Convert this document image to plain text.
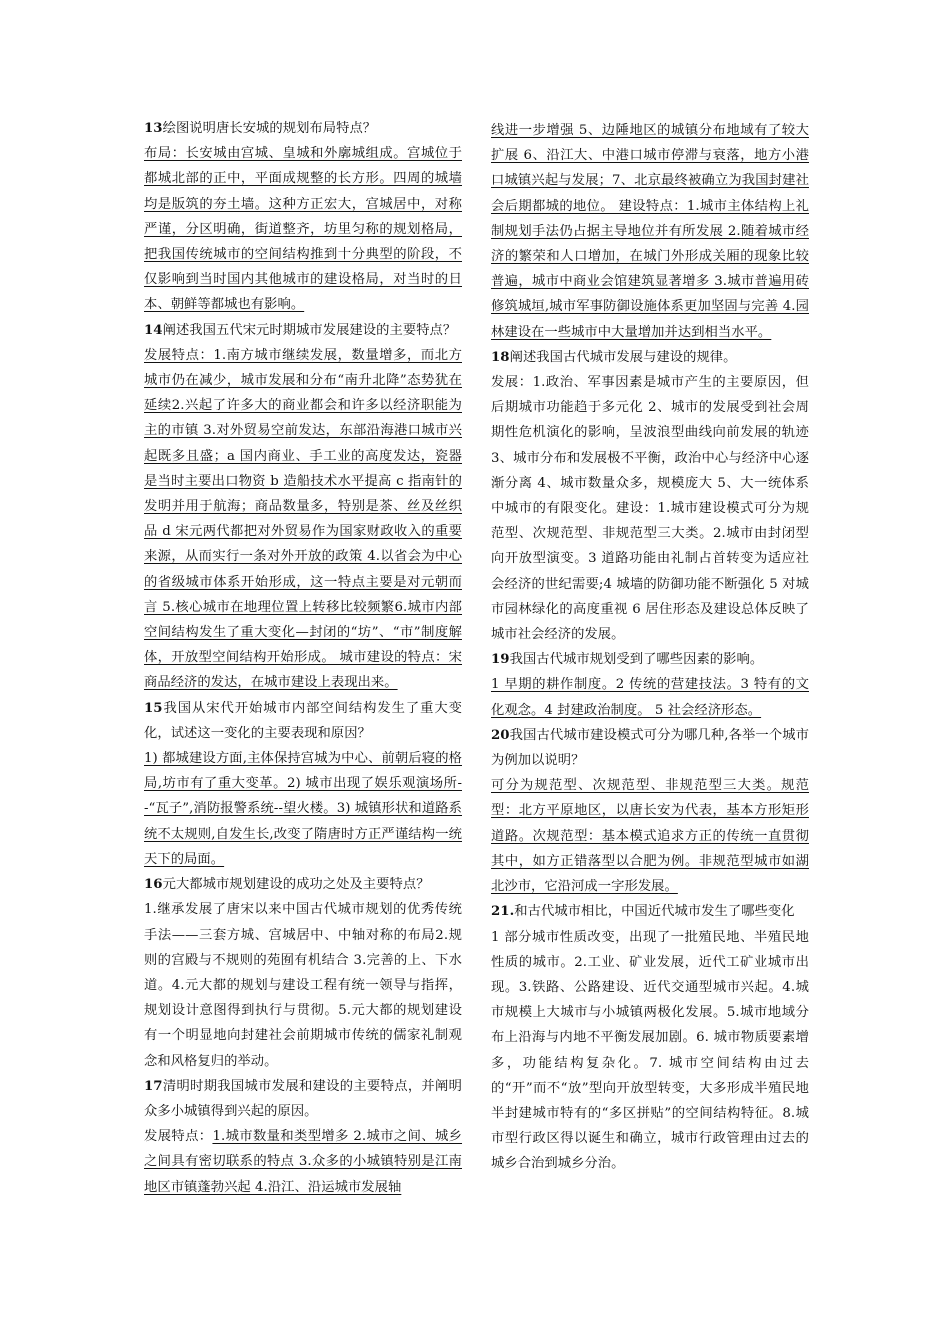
13绘图说明唐长安城的规划布局特点？

布局：长安城由宫城、皇城和外廓城组成。宫城位于都城北部的正中，平面成规整的长方形。四周的城墙均是版筑的夯土墙。这种方正宏大，宫城居中，对称严谨，分区明确，街道整齐，坊里匀称的规划格局，把我国传统城市的空间结构推到十分典型的阶段，不仅影响到当时国内其他城市的建设格局，对当时的日本、朝鲜等都城也有影响。

14阐述我国五代宋元时期城市发展建设的主要特点？

发展特点：1.南方城市继续发展，数量增多，而北方城市仍在减少，城市发展和分布“南升北降”态势犹在延续2.兴起了许多大的商业都会和许多以经济职能为主的市镇 3.对外贸易空前发达，东部沿海港口城市兴起既多且盛；a 国内商业、手工业的高度发达，瓷器是当时主要出口物资 b 造船技术水平提高 c 指南针的发明并用于航海；商品数量多，特别是茶、丝及丝织品 d 宋元两代都把对外贸易作为国家财政收入的重要来源，从而实行一条对外开放的政策 4.以省会为中心的省级城市体系开始形成，这一特点主要是对元朝而言 5.核心城市在地理位置上转移比较频繁6.城市内部空间结构发生了重大变化—封闭的“坊”、“市”制度解体，开放型空间结构开始形成。 城市建设的特点：宋商品经济的发达，在城市建设上表现出来。

15我国从宋代开始城市内部空间结构发生了重大变化，试述这一变化的主要表现和原因？

1) 都城建设方面,主体保持宫城为中心、前朝后寝的格局,坊市有了重大变革。2) 城市出现了娱乐观演场所--“瓦子”,消防报警系统--望火楼。3) 城镇形状和道路系统不太规则,自发生长,改变了隋唐时方正严谨结构一统天下的局面。

16元大都城市规划建设的成功之处及主要特点？

1.继承发展了唐宋以来中国古代城市规划的优秀传统手法——三套方城、宫城居中、中轴对称的布局2.规则的宫殿与不规则的苑囿有机结合 3.完善的上、下水道。4.元大都的规划与建设工程有统一领导与指挥，规划设计意图得到执行与贯彻。5.元大都的规划建设有一个明显地向封建社会前期城市传统的儒家礼制观念和风格复归的举动。

17清明时期我国城市发展和建设的主要特点，并阐明众多小城镇得到兴起的原因。

发展特点：1.城市数量和类型增多 2.城市之间、城乡之间具有密切联系的特点 3.众多的小城镇特别是江南地区市镇蓬勃兴起 4.沿江、沿运城市发展轴

线进一步增强 5、边陲地区的城镇分布地域有了较大扩展 6、沿江大、中港口城市停滞与衰落，地方小港口城镇兴起与发展；7、北京最终被确立为我国封建社会后期都城的地位。 建设特点：1.城市主体结构上礼制规划手法仍占据主导地位并有所发展 2.随着城市经济的繁荣和人口增加，在城门外形成关厢的现象比较普遍，城市中商业会馆建筑显著增多 3.城市普遍用砖修筑城垣,城市军事防御设施体系更加坚固与完善 4.园林建设在一些城市中大量增加并达到相当水平。

18阐述我国古代城市发展与建设的规律。

发展：1.政治、军事因素是城市产生的主要原因，但后期城市功能趋于多元化 2、城市的发展受到社会周期性危机演化的影响，呈波浪型曲线向前发展的轨迹 3、城市分布和发展极不平衡，政治中心与经济中心逐渐分离 4、城市数量众多，规模庞大 5、大一统体系中城市的有限变化。建设：1.城市建设模式可分为规范型、次规范型、非规范型三大类。2.城市由封闭型向开放型演变。3 道路功能由礼制占首转变为适应社会经济的世纪需要;4 城墙的防御功能不断强化 5 对城市园林绿化的高度重视 6 居住形态及建设总体反映了城市社会经济的发展。

19我国古代城市规划受到了哪些因素的影响。

1 早期的耕作制度。2 传统的营建技法。3 特有的文化观念。4 封建政治制度。 5 社会经济形态。

20我国古代城市建设模式可分为哪几种,各举一个城市为例加以说明？

可分为规范型、次规范型、非规范型三大类。规范型：北方平原地区，以唐长安为代表，基本方形矩形道路。次规范型：基本模式追求方正的传统一直贯彻其中，如方正错落型以合肥为例。非规范型城市如湖北沙市，它沿河成一字形发展。

21.和古代城市相比，中国近代城市发生了哪些变化

1 部分城市性质改变，出现了一批殖民地、半殖民地性质的城市。2.工业、矿业发展，近代工矿业城市出现。3.铁路、公路建设、近代交通型城市兴起。4.城市规模上大城市与小城镇两极化发展。5.城市地域分布上沿海与内地不平衡发展加剧。6. 城市物质要素增多，功能结构复杂化。7. 城市空间结构由过去的“开”而不“放”型向开放型转变，大多形成半殖民地半封建城市特有的“多区拼贴”的空间结构特征。8.城市型行政区得以诞生和确立，城市行政管理由过去的城乡合治到城乡分治。
